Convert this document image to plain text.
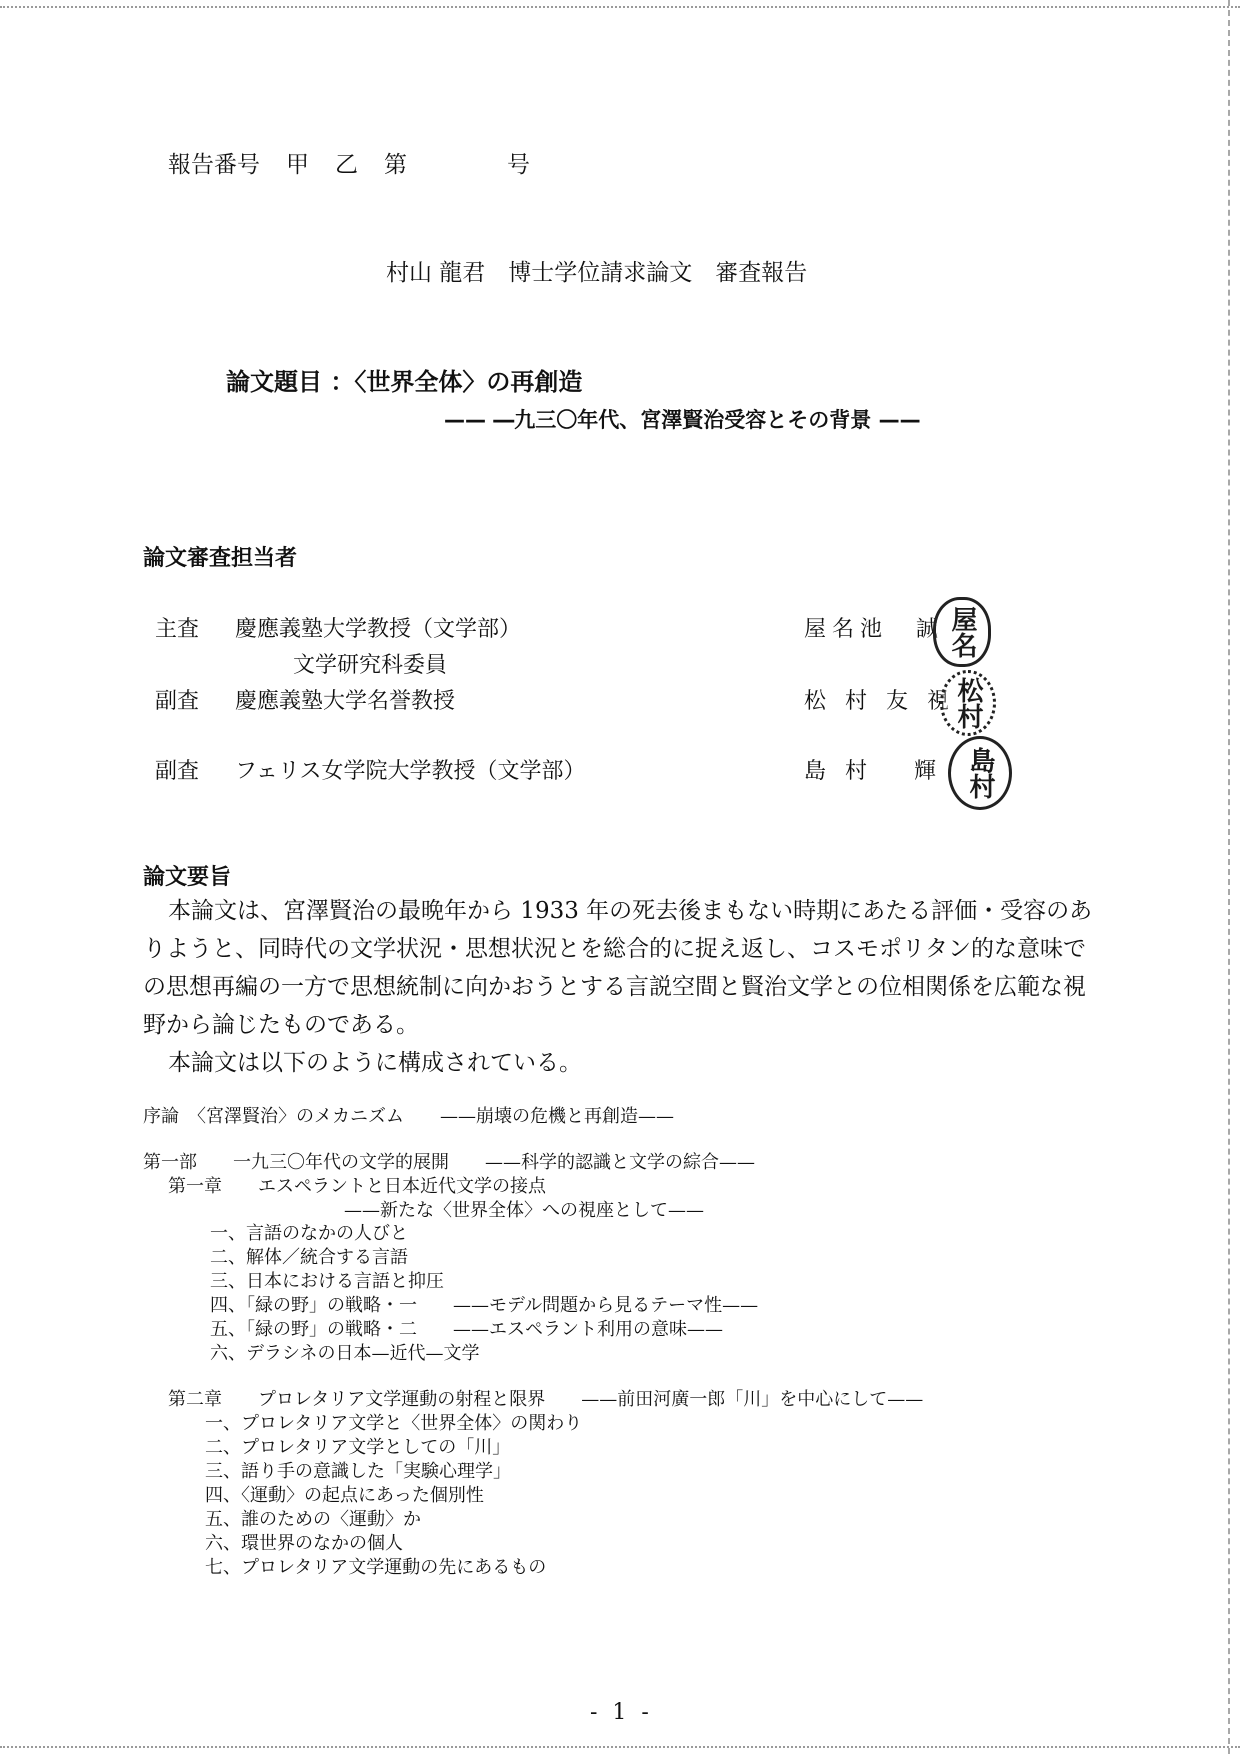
報告番号 甲 乙 第	号
村山 龍君　博士学位請求論文　審査報告
論文題目 ：〈世界全体〉の再創造
—— ―九三〇年代、宮澤賢治受容とその背景 ——
論文審査担当者
主査 慶應義塾大学教授（文学部）	屋名池　誠
文学研究科委員
副査 慶應義塾大学名誉教授	松 村 友 視
副査 フェリス女学院大学教授（文学部）	島 村　 輝
屋名
松村
島村
論文要旨

本論文は、宮澤賢治の最晩年から 1933 年の死去後まもない時期にあたる評価・受容のありようと、同時代の文学状況・思想状況とを総合的に捉え返し、コスモポリタン的な意味での思想再編の一方で思想統制に向かおうとする言説空間と賢治文学との位相関係を広範な視野から論じたものである。

本論文は以下のように構成されている。

序論　〈宮澤賢治〉のメカニズム　　——崩壊の危機と再創造——
第一部　　一九三〇年代の文学的展開　　——科学的認識と文学の綜合——
第一章　　エスペラントと日本近代文学の接点
——新たな〈世界全体〉への視座として——
一、言語のなかの人びと
二、解体／統合する言語
三、日本における言語と抑圧
四、「緑の野」の戦略・一　　——モデル問題から見るテーマ性——
五、「緑の野」の戦略・二　　——エスペラント利用の意味——
六、デラシネの日本—近代—文学
第二章　　プロレタリア文学運動の射程と限界　　——前田河廣一郎「川」を中心にして——
一、プロレタリア文学と〈世界全体〉の関わり
二、プロレタリア文学としての「川」
三、語り手の意識した「実験心理学」
四、〈運動〉の起点にあった個別性
五、誰のための〈運動〉か
六、環世界のなかの個人
七、プロレタリア文学運動の先にあるもの
- 1 -
